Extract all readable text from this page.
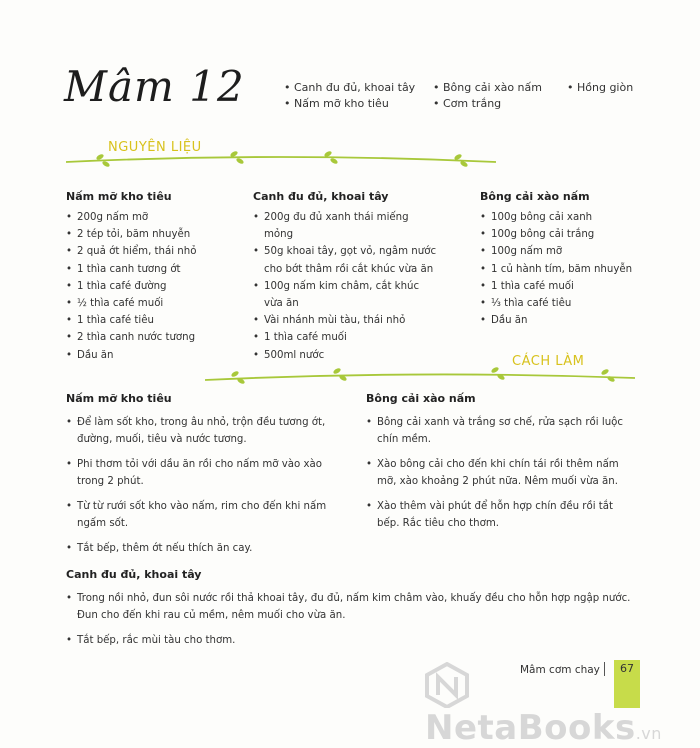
Mâm 12
•	Canh đu đủ, khoai tây
• Nấm mỡ kho tiêu
• Bông cải xào nấm
• Cơm trắng
• Hồng giòn
NGUYÊN LIỆU
Nấm mỡ kho tiêu
• 200g nấm mỡ
• 2 tép tỏi, băm nhuyễn
• 2 quả ớt hiểm, thái nhỏ
• 1 thìa canh tương ớt
• 1 thìa café đường
• ½ thìa café muối
• 1 thìa café tiêu
• 2 thìa canh nước tương
• Dầu ăn
Canh đu đủ, khoai tây
• 200g đu đủ xanh thái miếng mỏng
• 50g khoai tây, gọt vỏ, ngâm nước cho bớt thâm rồi cắt khúc vừa ăn
• 100g nấm kim châm, cắt khúc vừa ăn
• Vài nhánh mùi tàu, thái nhỏ
• 1 thìa café muối
• 500ml nước
Bông cải xào nấm
• 100g bông cải xanh
• 100g bông cải trắng
• 100g nấm mỡ
• 1 củ hành tím, băm nhuyễn
• 1 thìa café muối
• ⅓ thìa café tiêu
• Dầu ăn
CÁCH LÀM
Nấm mỡ kho tiêu
• Để làm sốt kho, trong âu nhỏ, trộn đều tương ớt, đường, muối, tiêu và nước tương.
• Phi thơm tỏi với dầu ăn rồi cho nấm mỡ vào xào trong 2 phút.
• Từ từ rưới sốt kho vào nấm, rim cho đến khi nấm ngấm sốt.
• Tắt bếp, thêm ớt nếu thích ăn cay.
Bông cải xào nấm
• Bông cải xanh và trắng sơ chế, rửa sạch rồi luộc chín mềm.
• Xào bông cải cho đến khi chín tái rồi thêm nấm mỡ, xào khoảng 2 phút nữa. Nêm muối vừa ăn.
• Xào thêm vài phút để hỗn hợp chín đều rồi tắt bếp. Rắc tiêu cho thơm.
Canh đu đủ, khoai tây
• Trong nồi nhỏ, đun sôi nước rồi thả khoai tây, đu đủ, nấm kim châm vào, khuấy đều cho hỗn hợp ngập nước. Đun cho đến khi rau củ mềm, nêm muối cho vừa ăn.
• Tắt bếp, rắc mùi tàu cho thơm.
NetaBooks.vn
Mâm cơm chay	67
